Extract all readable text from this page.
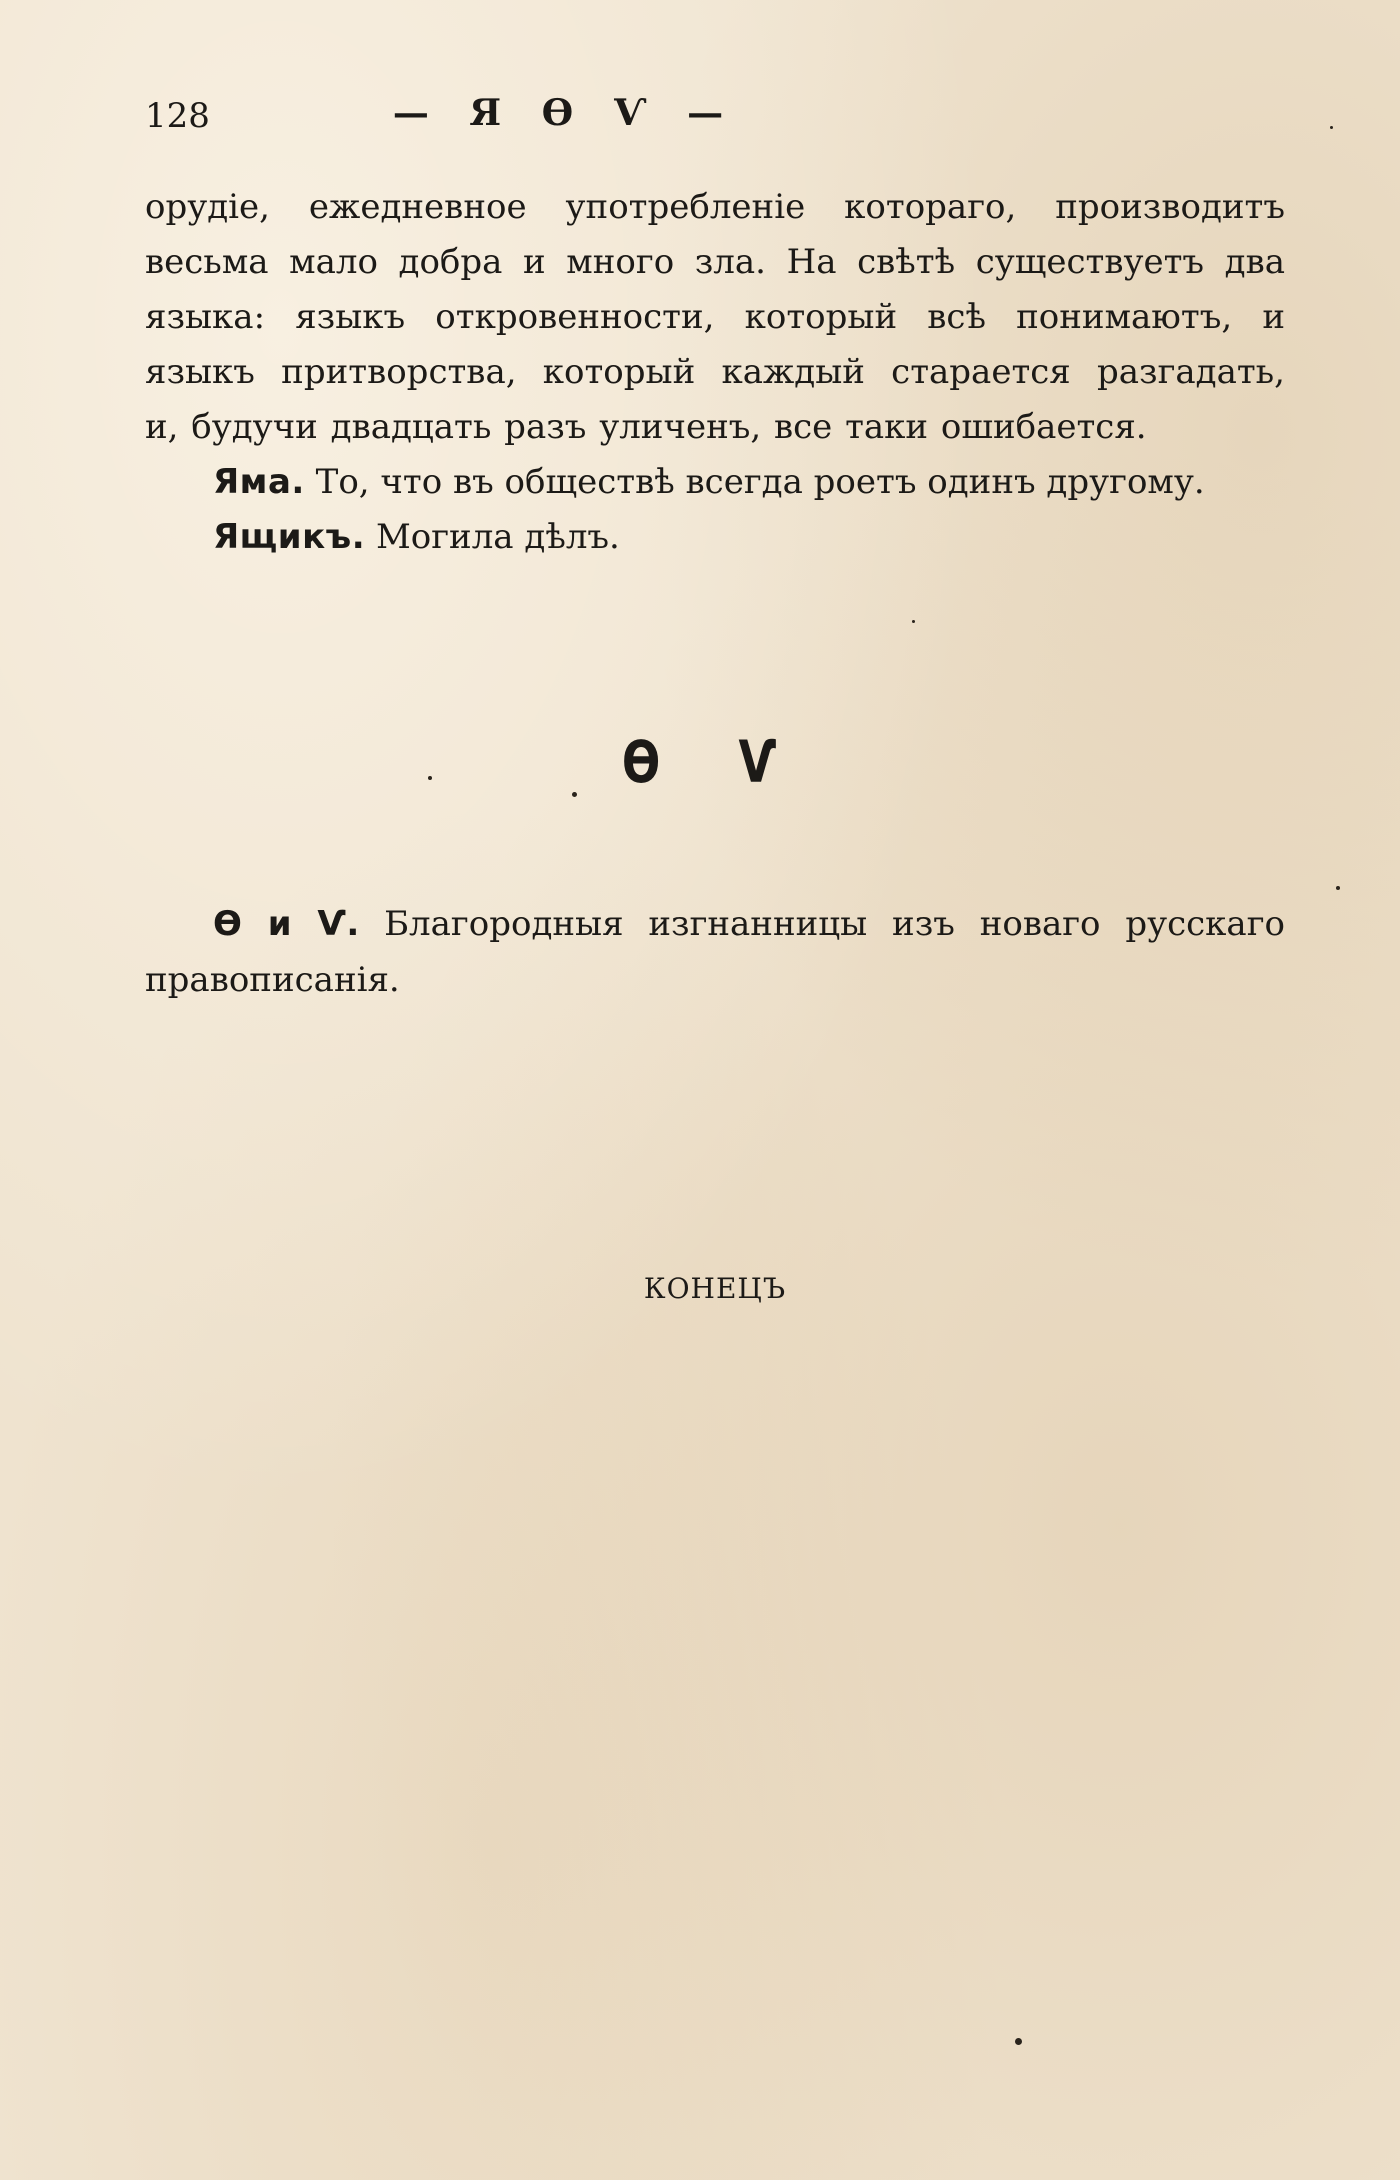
128	— Я Ѳ Ѵ —
орудіе, ежедневное употребленіе котораго, производитъ
весьма мало добра и много зла. На свѣтѣ существуетъ два
языка: языкъ откровенности, который всѣ понимаютъ, и
языкъ притворства, который каждый старается разгадать,
и, будучи двадцать разъ уличенъ, все таки ошибается.
Яма. То, что въ обществѣ всегда роетъ одинъ другому.
Ящикъ. Могила дѣлъ.
Ѳ Ѵ
Ѳ и Ѵ. Благородныя изгнанницы изъ новаго русскаго
правописанія.
КОНЕЦЪ
